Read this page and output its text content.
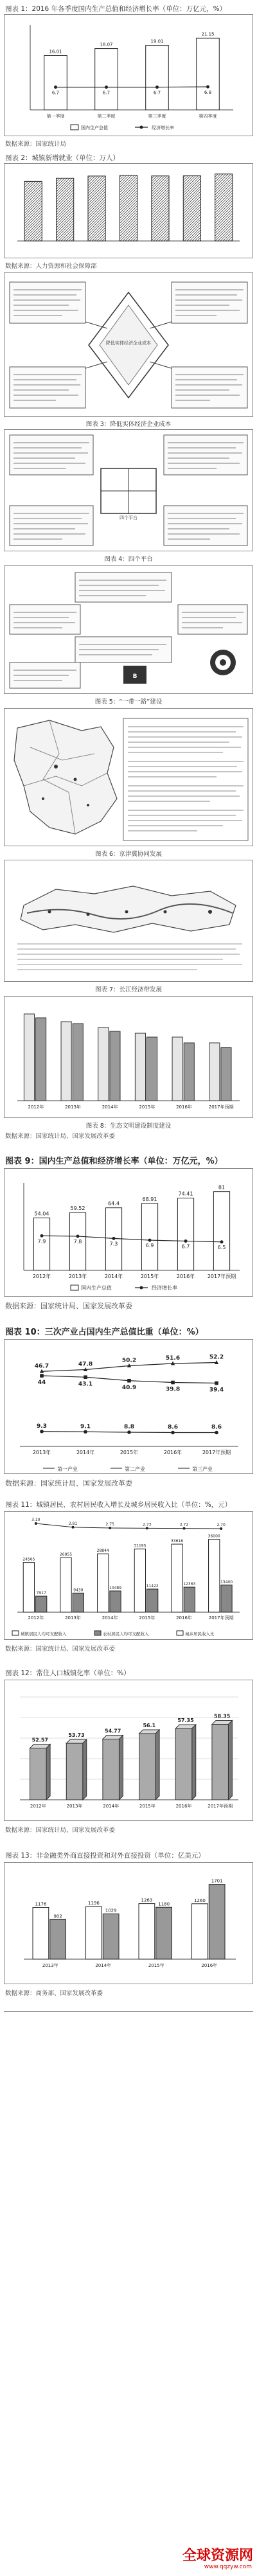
图表 1：2016 年各季度国内生产总值和经济增长率（单位：万亿元，%）
16.01
第一季度
18.07
第二季度
19.01
第三季度
21.15
第四季度
6.7	6.7	6.7	6.8
国内生产总值	经济增长率
数据来源：国家统计局
图表 2：城镇新增就业（单位：万人）
数据来源：人力资源和社会保障部
降低实体经济企业成本
图表 3：降低实体经济企业成本
四个平台
图表 4：四个平台
B
图表 5：“一带一路”建设
图表 6：京津冀协同发展
图表 7：长江经济带发展
2012年	2013年	2014年	2015年	2016年	2017年预期
图表 8：生态文明建设制度建设
数据来源：国家统计局、国家发展改革委
图表 9：国内生产总值和经济增长率（单位：万亿元，%）
54.04
2012年
59.52
2013年
64.4
2014年
68.91
2015年
74.41
2016年
81
2017年预期
7.9	7.8	7.3	6.9	6.7	6.5
国内生产总值	经济增长率
数据来源：国家统计局、国家发展改革委
图表 10：三次产业占国内生产总值比重（单位：%）
9.3	9.1	8.8	8.6	8.6
44	43.1
40.9	39.8	39.4
46.7	47.8
50.2	51.6	52.2
2013年	2014年	2015年	2016年	2017年预期
第一产业	第二产业	第三产业
数据来源：国家统计局、国家发展改革委
图表 11：城镇居民、农村居民收入增长及城乡居民收入比（单位：%，元）
24565
7917
2012年
26955
9430
2013年
28844
10489
2014年
31195
11422
2015年
33616
12363
2016年
36000
13400
2017年预期
3.10
2.81	2.75	2.73	2.72	2.70
城镇居民人均可支配收入	农村居民人均可支配收入	城乡居民收入比
数据来源：国家统计局、国家发展改革委
图表 12：常住人口城镇化率（单位：%）
52.57
2012年
53.73
2013年
54.77
2014年
56.1
2015年
57.35
2016年
58.35
2017年预期
数据来源：国家统计局、国家发展改革委
图表 13：非金融类外商直接投资和对外直接投资（单位：亿美元）
1176
902
2013年
1196
1029
2014年
1263
1180
2015年
1260
1701
2016年
数据来源：商务部、国家发展改革委
全球资源网
www.qqzyw.com
